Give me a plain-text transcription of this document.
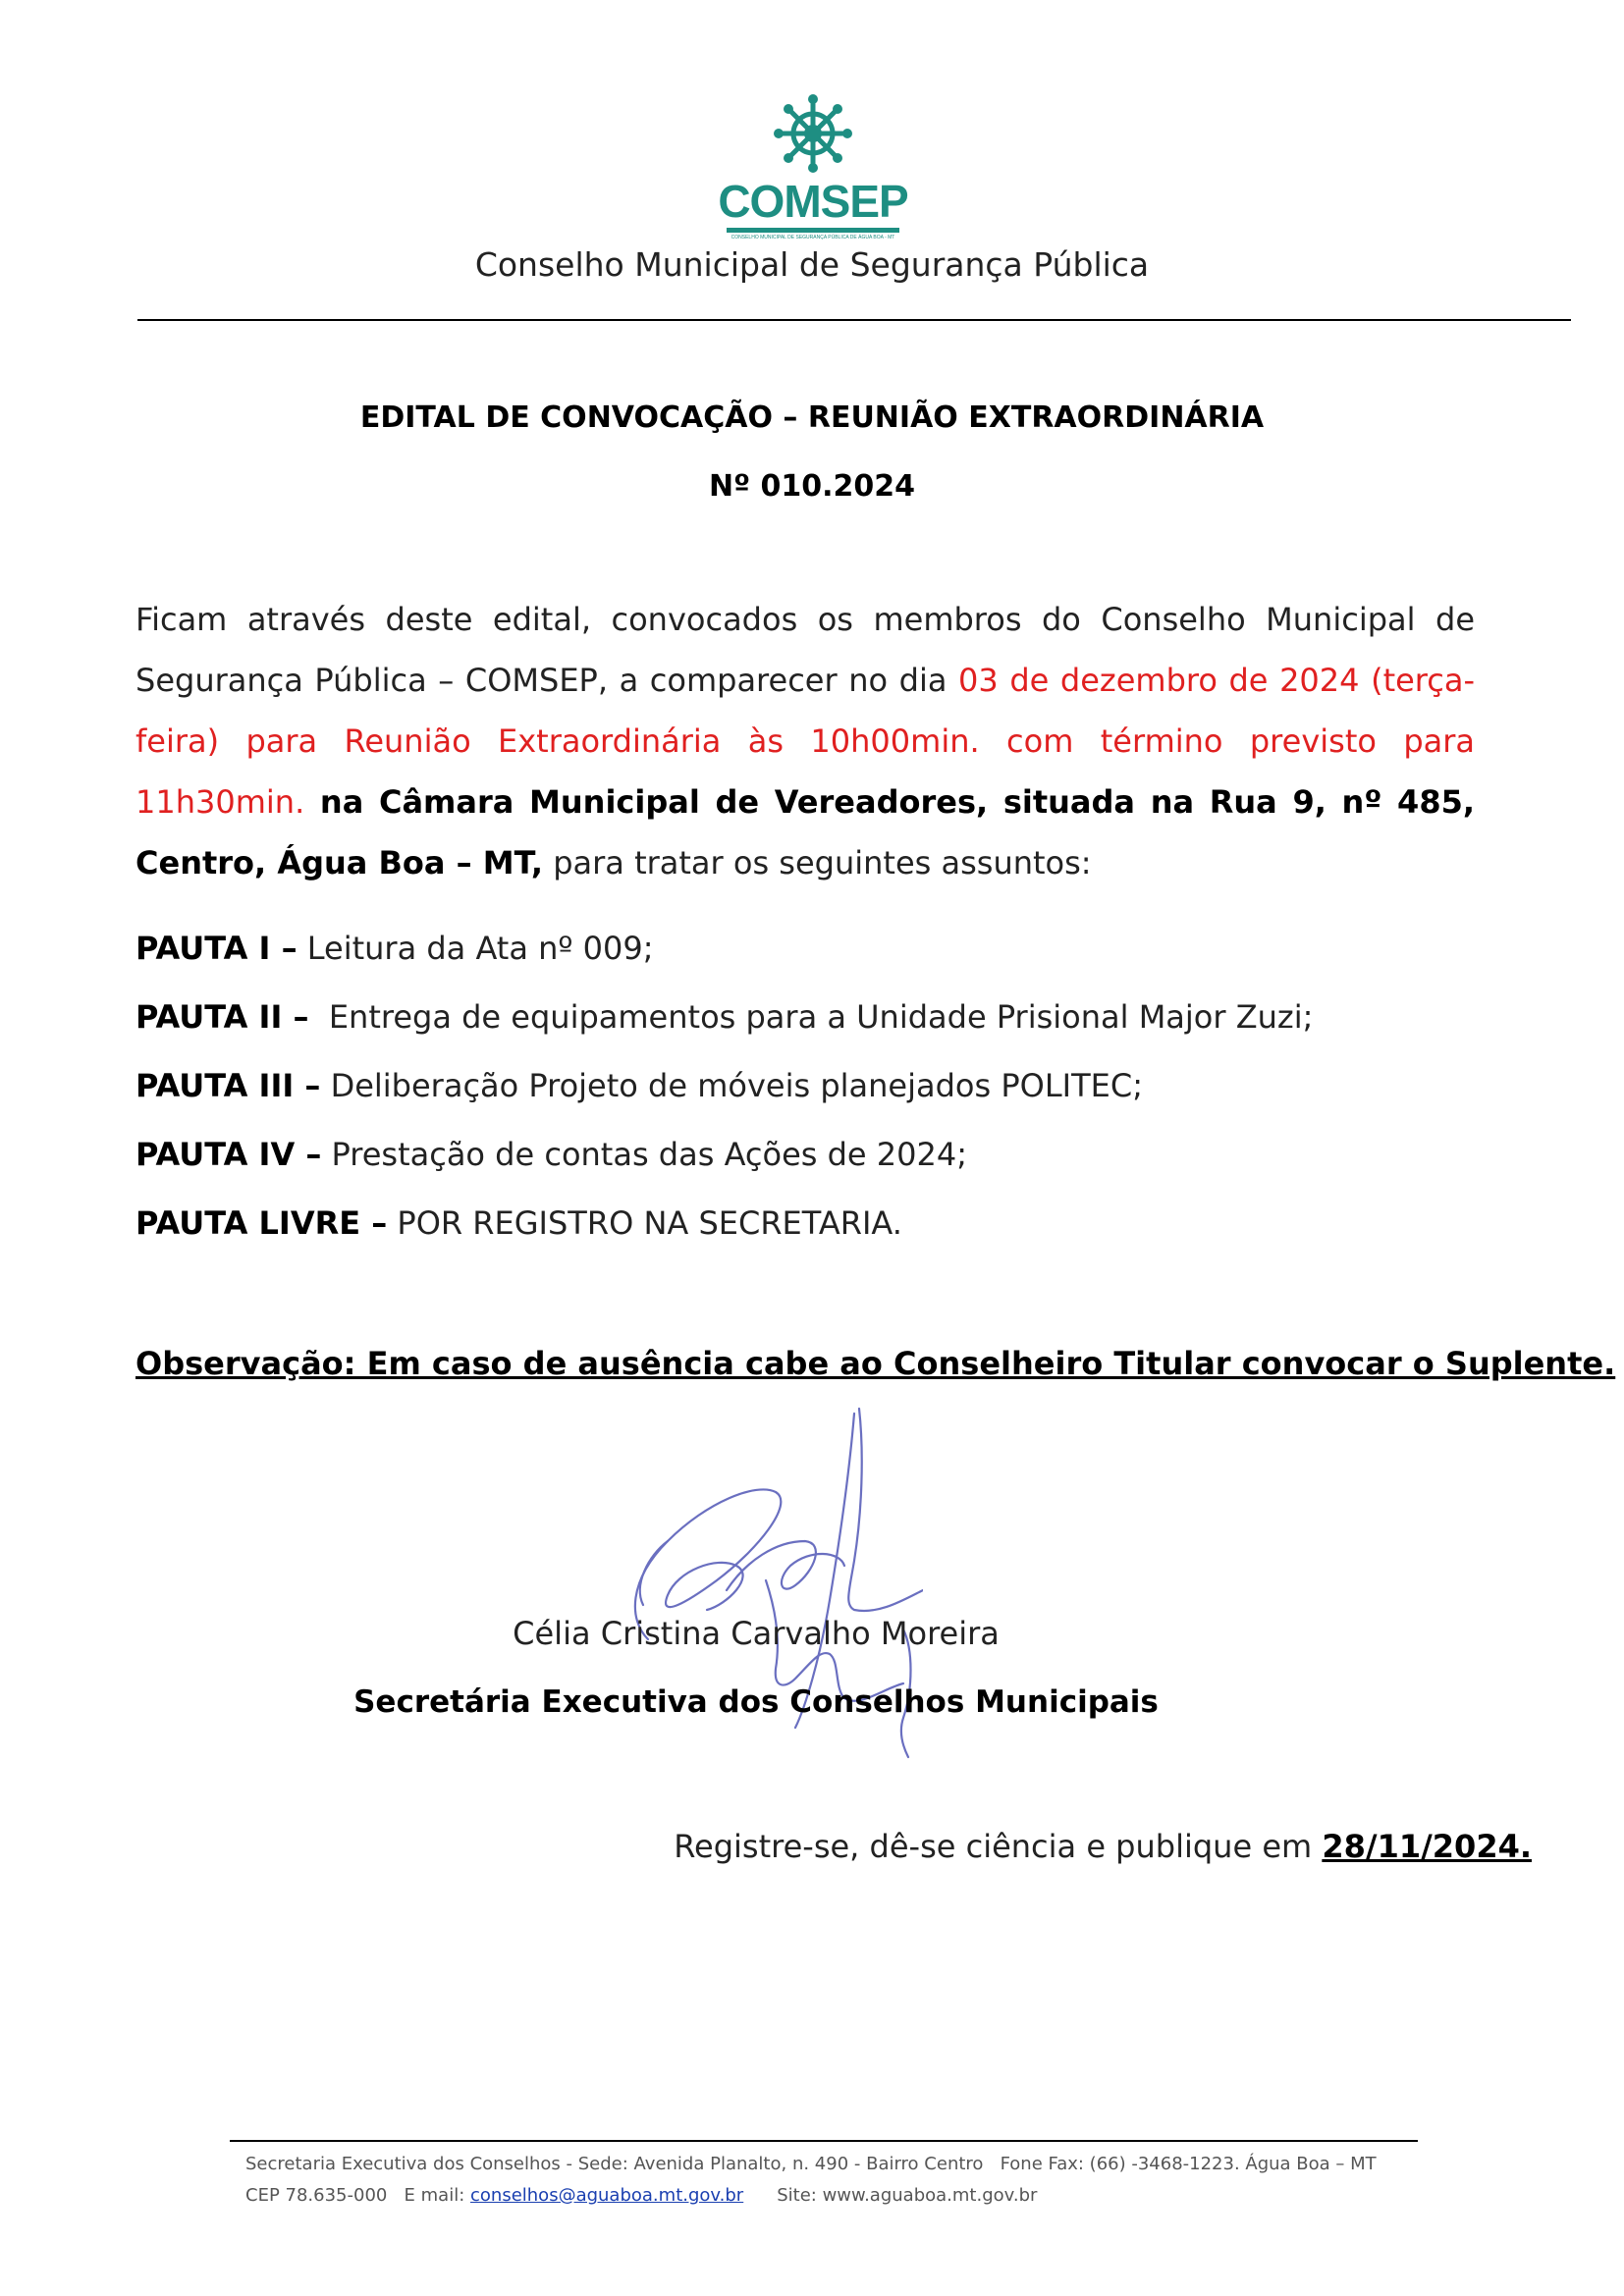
COMSEP
CONSELHO MUNICIPAL DE SEGURANÇA PÚBLICA DE ÁGUA BOA - MT
Conselho Municipal de Segurança Pública
EDITAL DE CONVOCAÇÃO – REUNIÃO EXTRAORDINÁRIA
Nº 010.2024
Ficam através deste edital, convocados os membros do Conselho Municipal de Segurança Pública – COMSEP, a comparecer no dia 03 de dezembro de 2024 (terça-feira) para Reunião Extraordinária às 10h00min. com término previsto para 11h30min. na Câmara Municipal de Vereadores, situada na Rua 9, nº 485, Centro, Água Boa – MT, para tratar os seguintes assuntos:
PAUTA I – Leitura da Ata nº 009;
PAUTA II –  Entrega de equipamentos para a Unidade Prisional Major Zuzi;
PAUTA III – Deliberação Projeto de móveis planejados POLITEC;
PAUTA IV – Prestação de contas das Ações de 2024;
PAUTA LIVRE – POR REGISTRO NA SECRETARIA.
Observação: Em caso de ausência cabe ao Conselheiro Titular convocar o Suplente.
Célia Cristina Carvalho Moreira
Secretária Executiva dos Conselhos Municipais
Registre-se, dê-se ciência e publique em 28/11/2024.
Secretaria Executiva dos Conselhos - Sede: Avenida Planalto, n. 490 - Bairro Centro   Fone Fax: (66) -3468-1223. Água Boa – MT
CEP 78.635-000 E mail: conselhos@aguaboa.mt.gov.br Site: www.aguaboa.mt.gov.br
